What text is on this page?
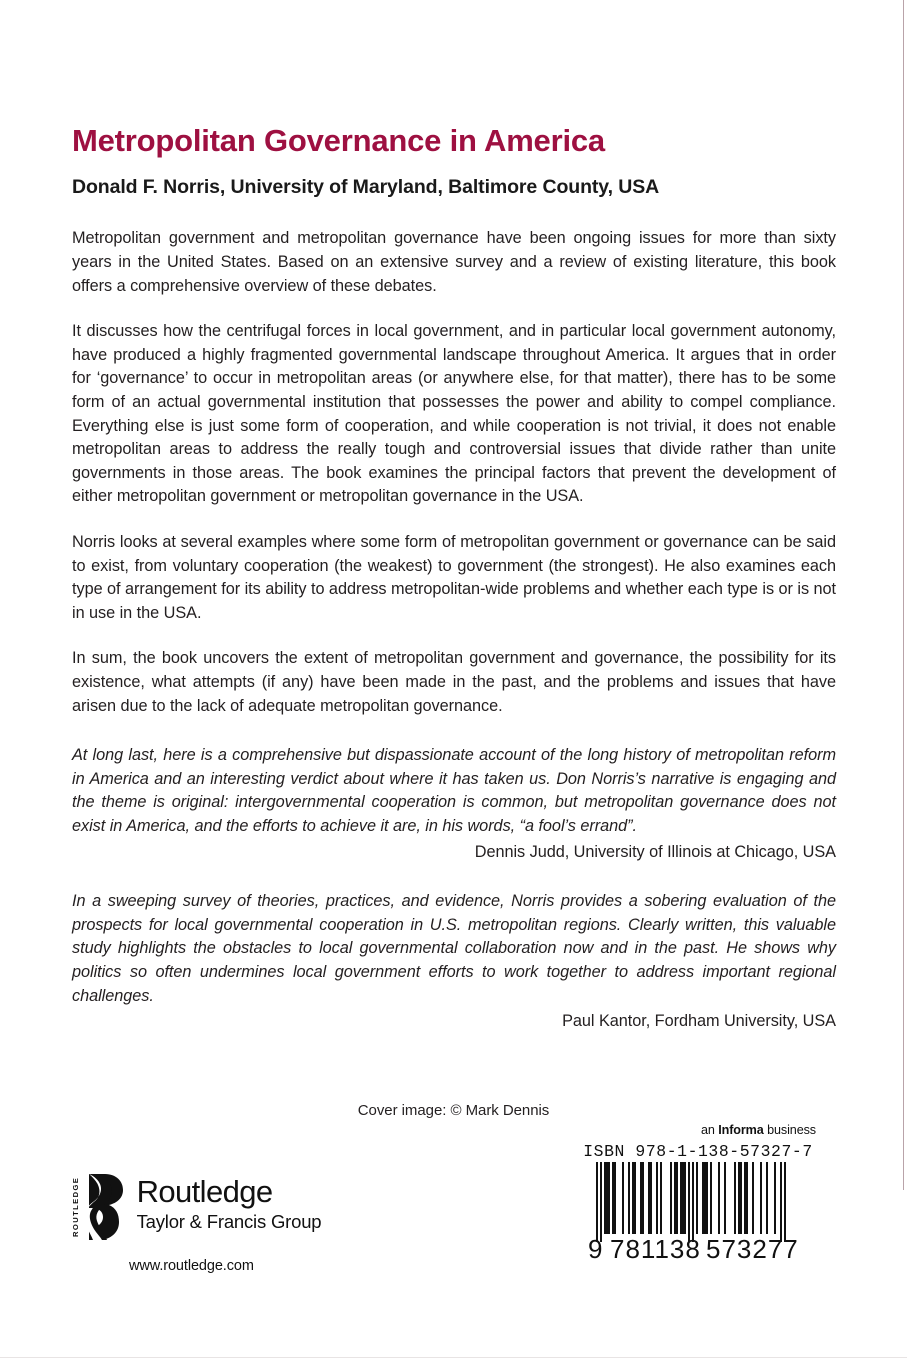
Metropolitan Governance in America
Donald F. Norris, University of Maryland, Baltimore County, USA

Metropolitan government and metropolitan governance have been ongoing issues for more than sixty years in the United States. Based on an extensive survey and a review of existing literature, this book offers a comprehensive overview of these debates.

It discusses how the centrifugal forces in local government, and in particular local government autonomy, have produced a highly fragmented governmental landscape throughout America. It argues that in order for ‘governance’ to occur in metropolitan areas (or anywhere else, for that matter), there has to be some form of an actual governmental institution that possesses the power and ability to compel compliance. Everything else is just some form of cooperation, and while cooperation is not trivial, it does not enable metropolitan areas to address the really tough and controversial issues that divide rather than unite governments in those areas. The book examines the principal factors that prevent the development of either metropolitan government or metropolitan governance in the USA.

Norris looks at several examples where some form of metropolitan government or governance can be said to exist, from voluntary cooperation (the weakest) to government (the strongest). He also examines each type of arrangement for its ability to address metropolitan-wide problems and whether each type is or is not in use in the USA.

In sum, the book uncovers the extent of metropolitan government and governance, the possibility for its existence, what attempts (if any) have been made in the past, and the problems and issues that have arisen due to the lack of adequate metropolitan governance.

At long last, here is a comprehensive but dispassionate account of the long history of metropolitan reform in America and an interesting verdict about where it has taken us. Don Norris’s narrative is engaging and the theme is original: intergovernmental cooperation is common, but metropolitan governance does not exist in America, and the efforts to achieve it are, in his words, “a fool’s errand”.

Dennis Judd, University of Illinois at Chicago, USA

In a sweeping survey of theories, practices, and evidence, Norris provides a sobering evaluation of the prospects for local governmental cooperation in U.S. metropolitan regions. Clearly written, this valuable study highlights the obstacles to local governmental collaboration now and in the past. He shows why politics so often undermines local government efforts to work together to address important regional challenges.

Paul Kantor, Fordham University, USA

Cover image: © Mark Dennis
ROUTLEDGE Routledge
Taylor & Francis Group
www.routledge.com
an Informa business
ISBN 978-1-138-57327-7
9 781138 573277
